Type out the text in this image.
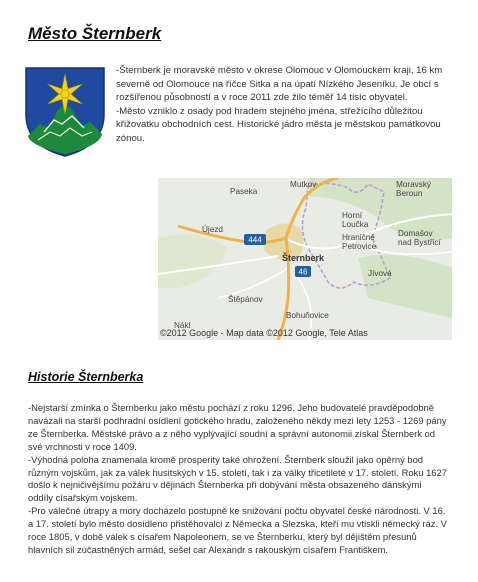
Město Šternberk

-Šternberk je moravské město v okrese Olomouc v Olomouckém kraji, 16 km severně od Olomouce na říčce Sitka a na úpatí Nízkého Jeseníku. Je obcí s rozšířenou působností a v roce 2011 zde žilo téměř 14 tisíc obyvatel.

-Město vzniklo z osady pod hradem stejného jména, střežícího důležitou křižovatku obchodních cest. Historické jádro města je městskou památkovou zónou.

444
46
Paseka
Mutkov	Moravský Beroun
Újezd
Horní Loučka
Hraničné Petrovice
Domašov nad Bystřicí
Šternberk
Jívová
Štěpánov
Bohuňovice
Nákl
©2012 Google - Map data ©2012 Google, Tele Atlas
Historie Šternberka

-Nejstarší zmínka o Šternberku jako městu pochází z roku 1296. Jeho budovatelé pravděpodobně navázali na starší podhradní osídlení gotického hradu, založeného někdy mezi lety 1253 - 1269 pány ze Šternberka. Městské právo a z něho vyplývající soudní a správní autonomii získal Šternberk od své vrchnosti v roce 1409.

-Výhodná poloha znamenala kromě prosperity také ohrožení. Šternberk sloužil jako opěrný bod různým vojskům, jak za válek husitských v 15. století, tak i za války třicetileté v 17. století. Roku 1627 došlo k nejničivějšímu požáru v dějinách Šternberka při dobývání města obsazeného dánskými oddíly císařským vojskem.

-Pro válečné útrapy a mory docházelo postupně ke snižování počtu obyvatel české národnosti. V 16. a 17. století bylo město dosídleno přistěhovalci z Německa a Slezska, kteří mu vtiskli německý ráz. V roce 1805, v době válek s císařem Napoleonem, se ve Šternberku, který byl dějištěm přesunů hlavních sil zúčastněných armád, sešel car Alexandr s rakouským císařem Františkem.
